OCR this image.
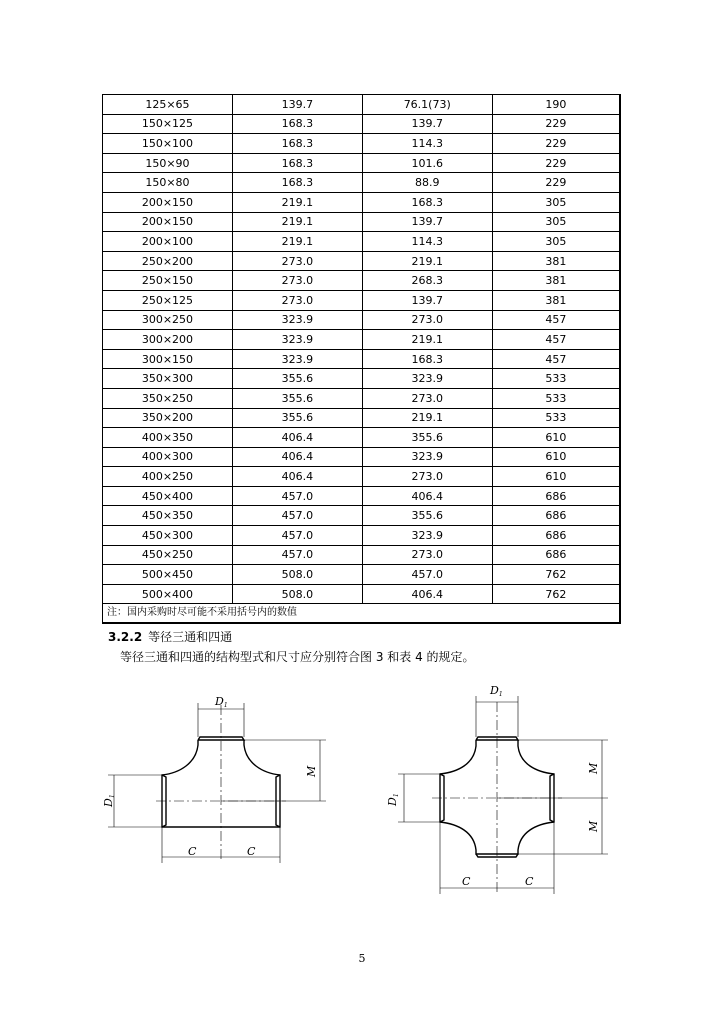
125×65	139.7	76.1(73)	190
150×125	168.3	139.7	229
150×100	168.3	114.3	229
150×90	168.3	101.6	229
150×80	168.3	88.9	229
200×150	219.1	168.3	305
200×150	219.1	139.7	305
200×100	219.1	114.3	305
250×200	273.0	219.1	381
250×150	273.0	268.3	381
250×125	273.0	139.7	381
300×250	323.9	273.0	457
300×200	323.9	219.1	457
300×150	323.9	168.3	457
350×300	355.6	323.9	533
350×250	355.6	273.0	533
350×200	355.6	219.1	533
400×350	406.4	355.6	610
400×300	406.4	323.9	610
400×250	406.4	273.0	610
450×400	457.0	406.4	686
450×350	457.0	355.6	686
450×300	457.0	323.9	686
450×250	457.0	273.0	686
500×450	508.0	457.0	762
500×400	508.0	406.4	762
注：国内采购时尽可能不采用括号内的数值			
3.2.2 等径三通和四通
等径三通和四通的结构型式和尺寸应分别符合图 3 和表 4 的规定。
D1
D1
M
C	C
D1
D1
M
M
C	C
5
